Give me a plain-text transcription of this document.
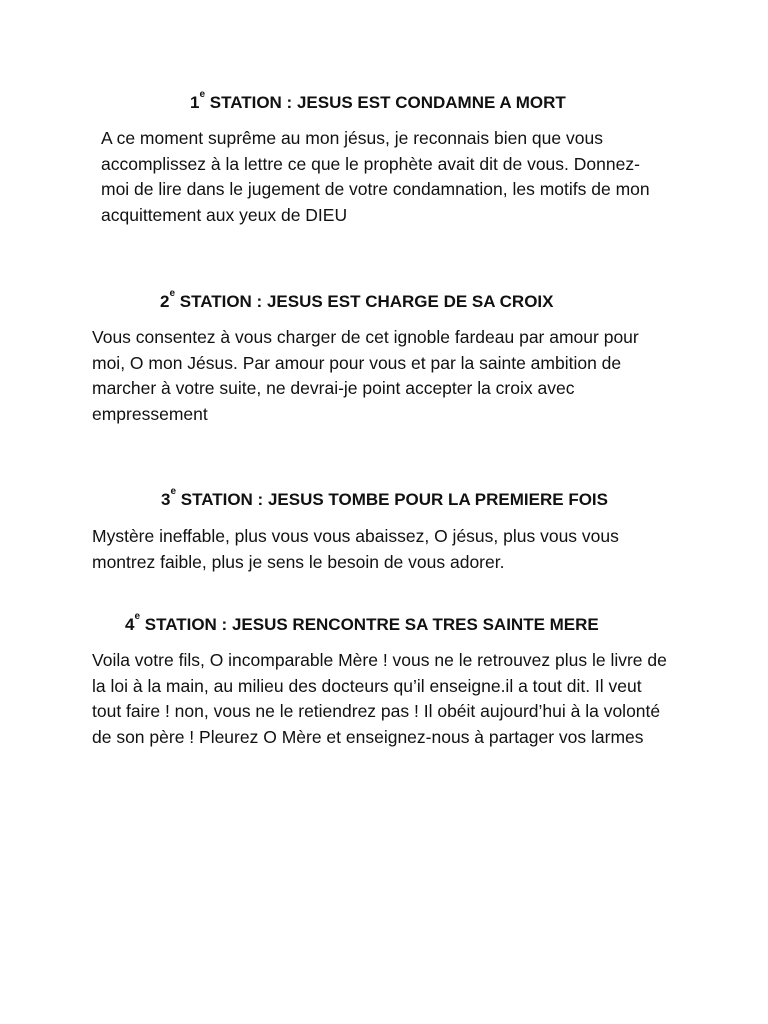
1e STATION : JESUS EST CONDAMNE A MORT

A ce moment suprême au mon jésus, je reconnais bien que vous accomplissez à la lettre ce que le prophète avait dit de vous. Donnez-moi de lire dans le jugement de votre condamnation, les motifs de mon acquittement aux yeux de DIEU

2e STATION : JESUS EST CHARGE DE SA CROIX

Vous consentez à vous charger de cet ignoble fardeau par amour pour moi, O mon Jésus. Par amour pour vous et par la sainte ambition de marcher à votre suite, ne devrai-je point accepter la croix avec empressement

3e STATION : JESUS TOMBE POUR LA PREMIERE FOIS

Mystère ineffable, plus vous vous abaissez, O jésus, plus vous vous montrez faible, plus je sens le besoin de vous adorer.

4e STATION : JESUS RENCONTRE SA TRES SAINTE MERE

Voila votre fils, O incomparable Mère ! vous ne le retrouvez plus le livre de la loi à la main, au milieu des docteurs qu’il enseigne.il a tout dit. Il veut tout faire ! non, vous ne le retiendrez pas ! Il obéit aujourd’hui à la volonté de son père ! Pleurez O Mère et enseignez-nous à partager vos larmes
